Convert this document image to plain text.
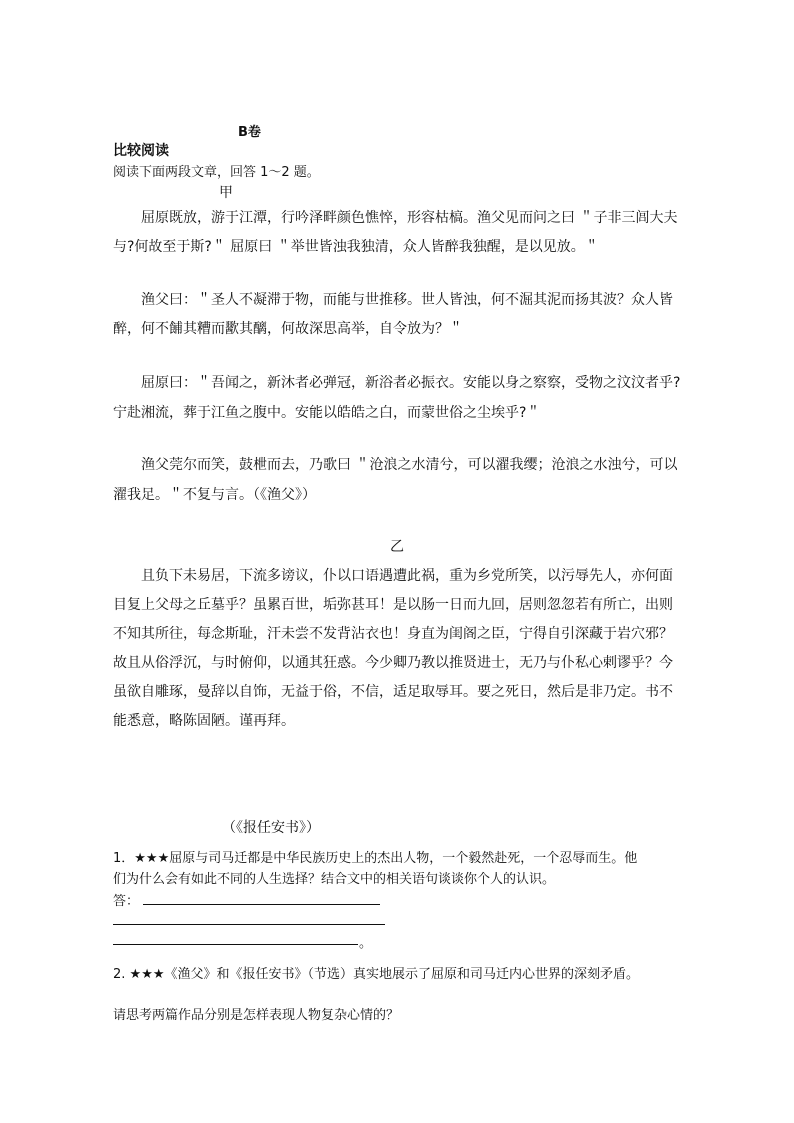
B卷
比较阅读
阅读下面两段文章，回答 1～2 题。
甲
屈原既放，游于江潭，行吟泽畔颜色憔悴，形容枯槁。渔父见而问之曰 ＂子非三闾大夫
与?何故至于斯?＂ 屈原曰 ＂举世皆浊我独清，众人皆醉我独醒，是以见放。＂
渔父曰：＂圣人不凝滞于物，而能与世推移。世人皆浊，何不淈其泥而扬其波？众人皆
醉，何不餔其糟而歠其醨，何故深思高举，自令放为？＂
屈原曰：＂吾闻之，新沐者必弹冠，新浴者必振衣。安能以身之察察，受物之汶汶者乎?
宁赴湘流，葬于江鱼之腹中。安能以皓皓之白，而蒙世俗之尘埃乎?＂
渔父莞尔而笑，鼓枻而去，乃歌曰 ＂沧浪之水清兮，可以濯我缨；沧浪之水浊兮，可以
濯我足。＂不复与言。（《渔父》）
乙
且负下未易居，下流多谤议，仆以口语遇遭此祸，重为乡党所笑，以污辱先人，亦何面
目复上父母之丘墓乎？虽累百世，垢弥甚耳！是以肠一日而九回，居则忽忽若有所亡，出则
不知其所往，每念斯耻，汗未尝不发背沾衣也！身直为闺阁之臣，宁得自引深藏于岩穴邪？
故且从俗浮沉，与时俯仰，以通其狂惑。今少卿乃教以推贤进士，无乃与仆私心剌谬乎？今
虽欲自雕琢，曼辞以自饰，无益于俗，不信，适足取辱耳。要之死日，然后是非乃定。书不
能悉意，略陈固陋。谨再拜。
（《报任安书》）
1．★★★屈原与司马迁都是中华民族历史上的杰出人物，一个毅然赴死，一个忍辱而生。他
们为什么会有如此不同的人生选择？结合文中的相关语句谈谈你个人的认识。
答：
。
2. ★★★《渔父》和《报任安书》（节选）真实地展示了屈原和司马迁内心世界的深刻矛盾。
请思考两篇作品分别是怎样表现人物复杂心情的？
